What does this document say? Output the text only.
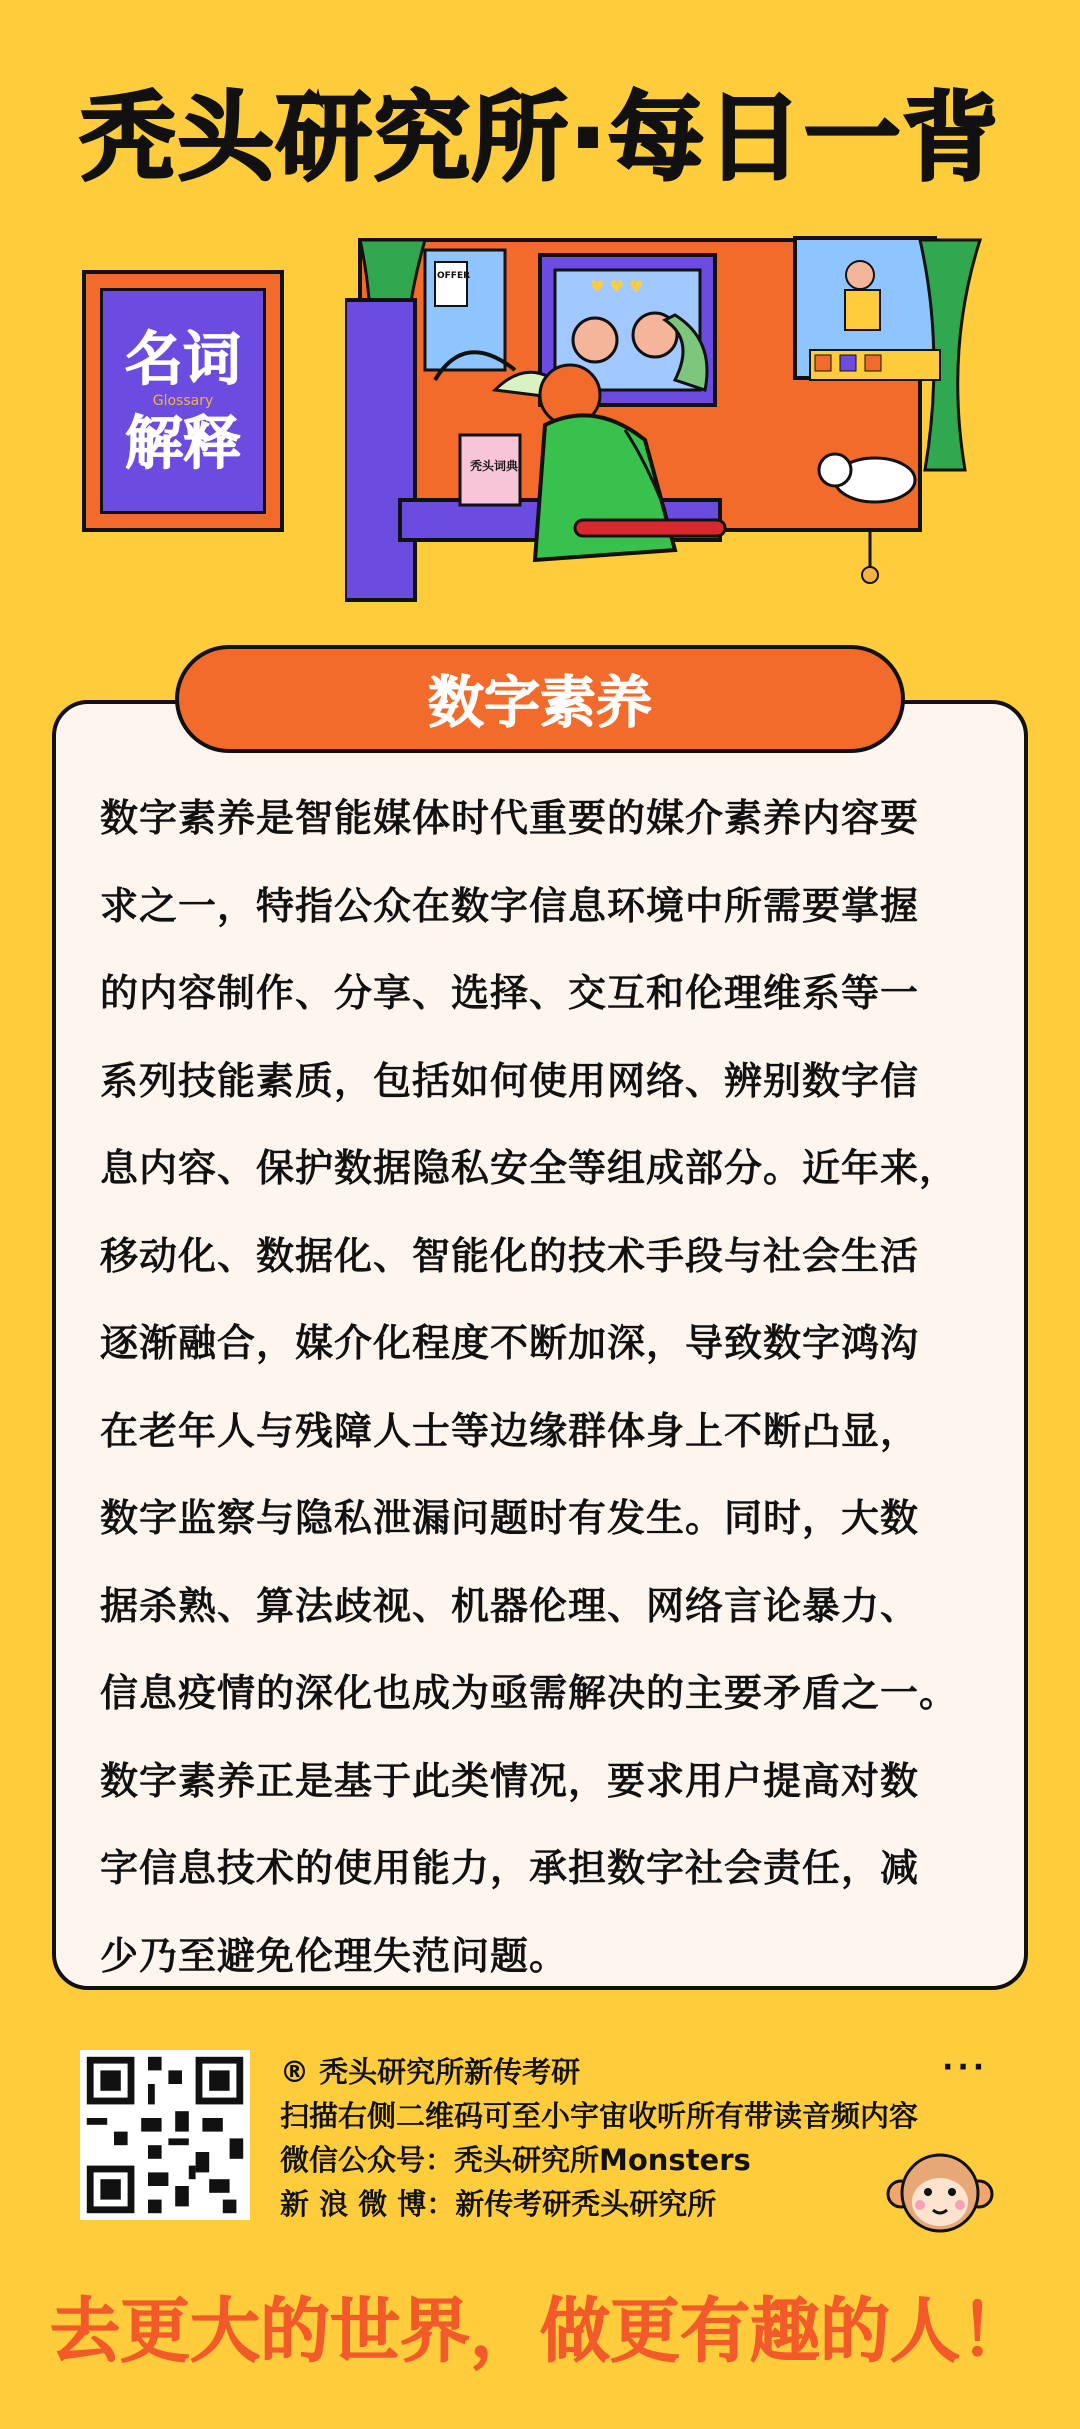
秃头研究所·每日一背
名词
Glossary
解释
♥ ♥ ♥
OFFER
秃头词典
数字素养
数字素养是智能媒体时代重要的媒介素养内容要
求之一，特指公众在数字信息环境中所需要掌握
的内容制作、分享、选择、交互和伦理维系等一
系列技能素质，包括如何使用网络、辨别数字信
息内容、保护数据隐私安全等组成部分。近年来，
移动化、数据化、智能化的技术手段与社会生活
逐渐融合，媒介化程度不断加深，导致数字鸿沟
在老年人与残障人士等边缘群体身上不断凸显，
数字监察与隐私泄漏问题时有发生。同时，大数
据杀熟、算法歧视、机器伦理、网络言论暴力、
信息疫情的深化也成为亟需解决的主要矛盾之一。
数字素养正是基于此类情况，要求用户提高对数
字信息技术的使用能力，承担数字社会责任，减
少乃至避免伦理失范问题。
® 秃头研究所新传考研
扫描右侧二维码可至小宇宙收听所有带读音频内容
微信公众号：秃头研究所Monsters
新 浪 微 博：新传考研秃头研究所
···
去更大的世界，做更有趣的人！
